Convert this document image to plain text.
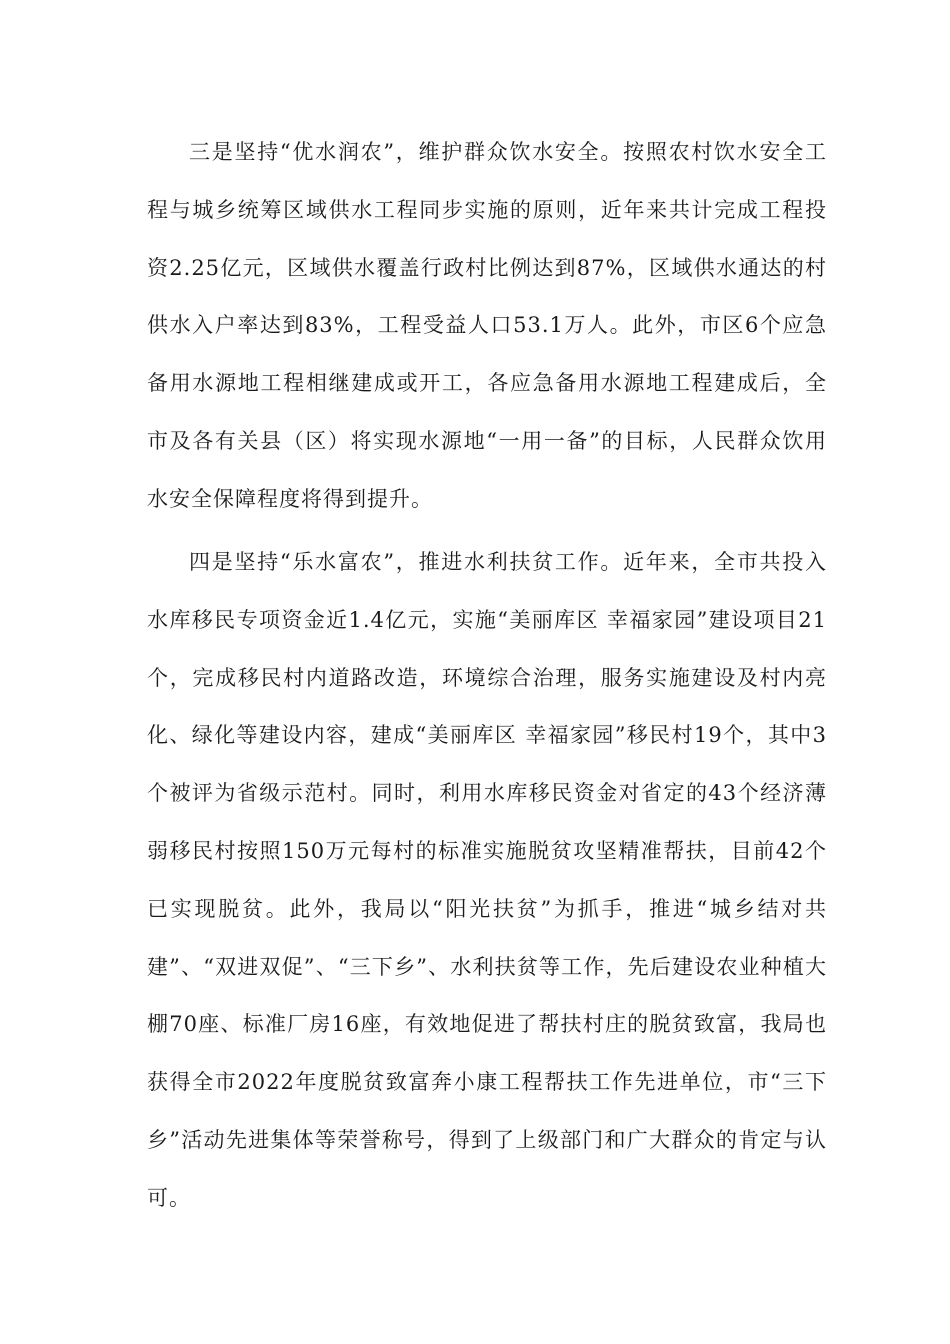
三是坚持“优水润农”，维护群众饮水安全。按照农村饮水安全工程与城乡统筹区域供水工程同步实施的原则，近年来共计完成工程投资2.25亿元，区域供水覆盖行政村比例达到87%，区域供水通达的村供水入户率达到83%，工程受益人口53.1万人。此外，市区6个应急备用水源地工程相继建成或开工，各应急备用水源地工程建成后，全市及各有关县（区）将实现水源地“一用一备”的目标，人民群众饮用水安全保障程度将得到提升。

四是坚持“乐水富农”，推进水利扶贫工作。近年来，全市共投入水库移民专项资金近1.4亿元，实施“美丽库区 幸福家园”建设项目21个，完成移民村内道路改造，环境综合治理，服务实施建设及村内亮化、绿化等建设内容，建成“美丽库区 幸福家园”移民村19个，其中3个被评为省级示范村。同时，利用水库移民资金对省定的43个经济薄弱移民村按照150万元每村的标准实施脱贫攻坚精准帮扶，目前42个已实现脱贫。此外，我局以“阳光扶贫”为抓手，推进“城乡结对共建”、“双进双促”、“三下乡”、水利扶贫等工作，先后建设农业种植大棚70座、标准厂房16座，有效地促进了帮扶村庄的脱贫致富，我局也获得全市2022年度脱贫致富奔小康工程帮扶工作先进单位，市“三下乡”活动先进集体等荣誉称号，得到了上级部门和广大群众的肯定与认可。
